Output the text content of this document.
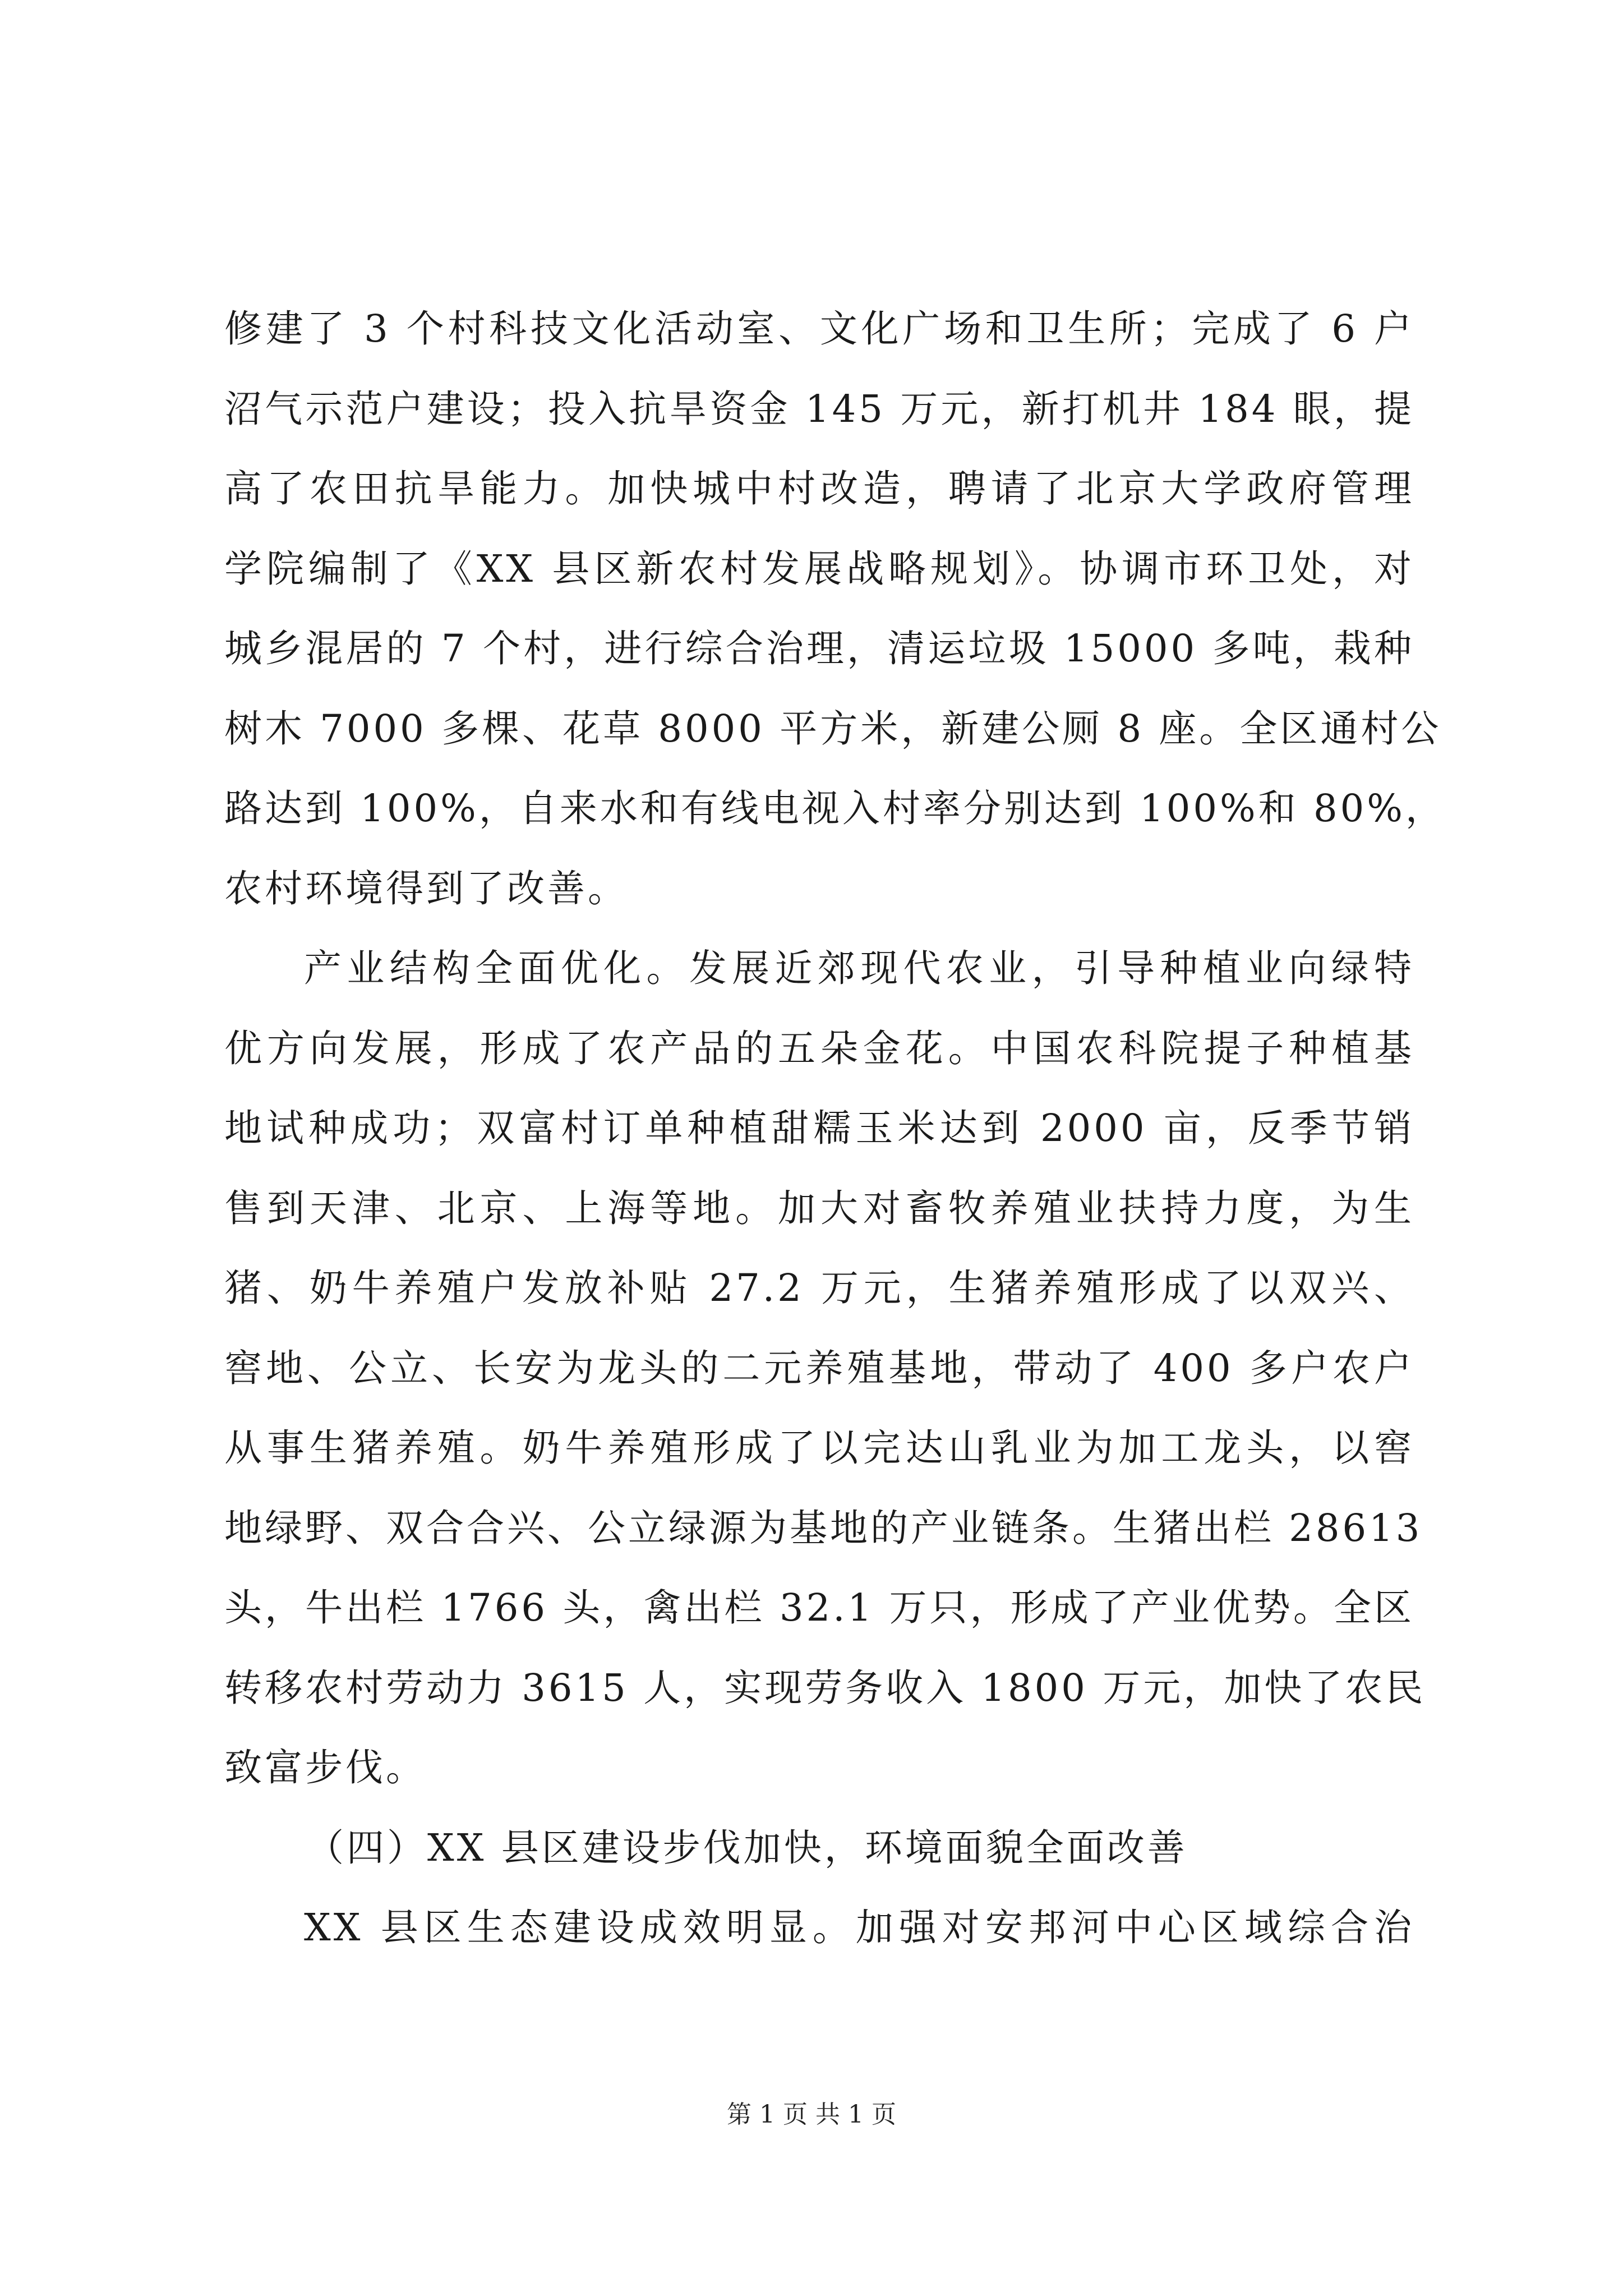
修建了 3 个村科技文化活动室、文化广场和卫生所；完成了 6 户
沼气示范户建设；投入抗旱资金 145 万元，新打机井 184 眼，提
高了农田抗旱能力。加快城中村改造，聘请了北京大学政府管理
学院编制了《XX 县区新农村发展战略规划》。协调市环卫处，对
城乡混居的 7 个村，进行综合治理，清运垃圾 15000 多吨，栽种
树木 7000 多棵、花草 8000 平方米，新建公厕 8 座。全区通村公
路达到 100%，自来水和有线电视入村率分别达到 100%和 80%，
农村环境得到了改善。
产业结构全面优化。发展近郊现代农业，引导种植业向绿特
优方向发展，形成了农产品的五朵金花。中国农科院提子种植基
地试种成功；双富村订单种植甜糯玉米达到 2000 亩，反季节销
售到天津、北京、上海等地。加大对畜牧养殖业扶持力度，为生
猪、奶牛养殖户发放补贴 27.2 万元，生猪养殖形成了以双兴、
窖地、公立、长安为龙头的二元养殖基地，带动了 400 多户农户
从事生猪养殖。奶牛养殖形成了以完达山乳业为加工龙头，以窖
地绿野、双合合兴、公立绿源为基地的产业链条。生猪出栏 28613
头，牛出栏 1766 头，禽出栏 32.1 万只，形成了产业优势。全区
转移农村劳动力 3615 人，实现劳务收入 1800 万元，加快了农民
致富步伐。
（四）XX 县区建设步伐加快，环境面貌全面改善
XX 县区生态建设成效明显。加强对安邦河中心区域综合治
第 1 页 共 1 页
